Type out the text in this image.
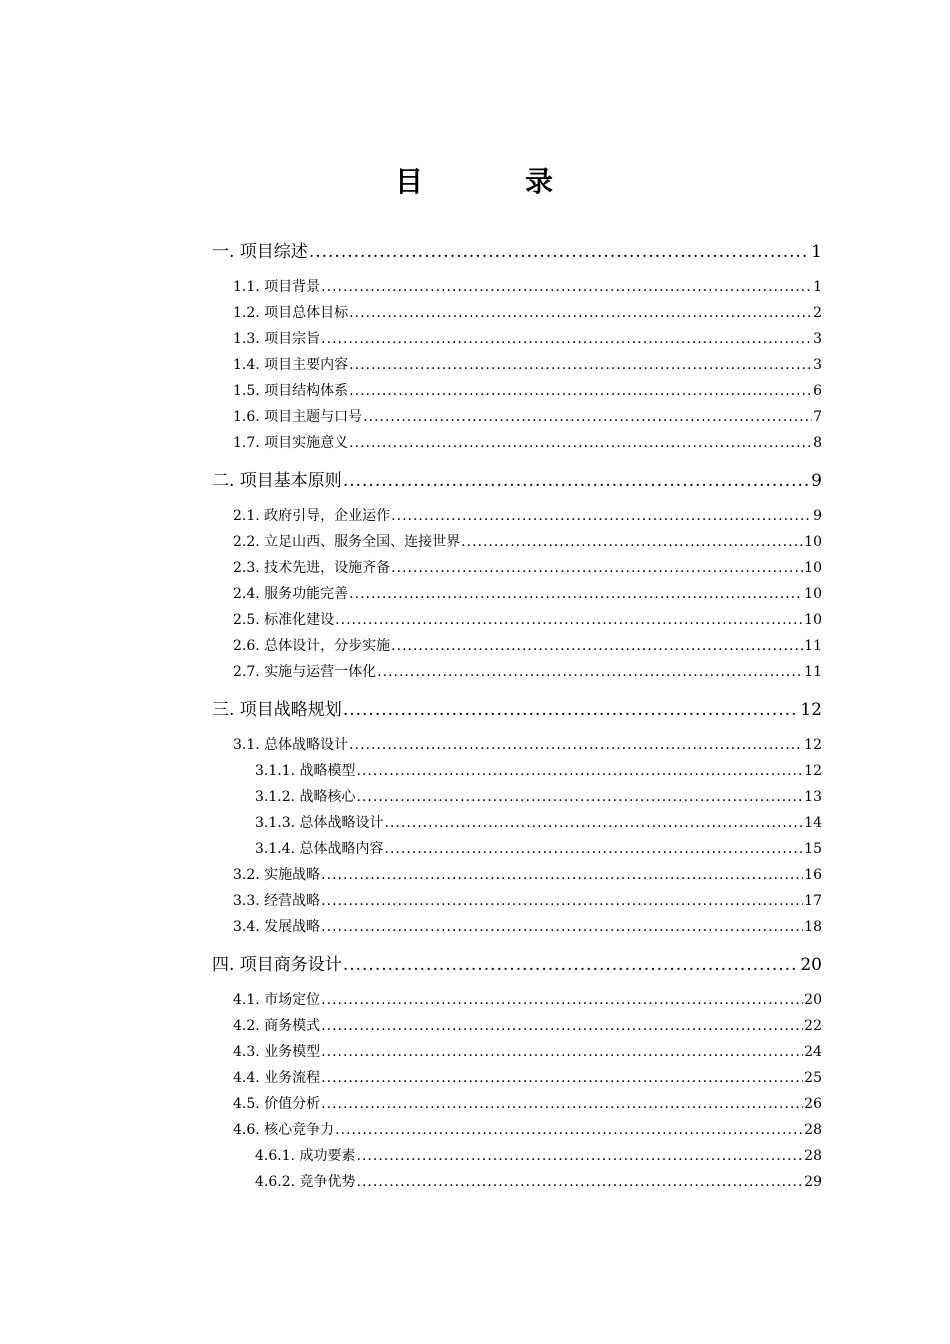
目	录
一. 项目综述 .....	1
1.1. 项目背景 .....	1
1.2. 项目总体目标 .....	2
1.3. 项目宗旨 .....	3
1.4. 项目主要内容 .....	3
1.5. 项目结构体系 .....	6
1.6. 项目主题与口号 .....	7
1.7. 项目实施意义 .....	8
二. 项目基本原则 .....	9
2.1. 政府引导，企业运作 .....	9
2.2. 立足山西、服务全国、连接世界 .....	10
2.3. 技术先进，设施齐备 .....	10
2.4. 服务功能完善 .....	10
2.5. 标准化建设 .....	10
2.6. 总体设计，分步实施 .....	11
2.7. 实施与运营一体化 .....	11
三. 项目战略规划 .....	12
3.1. 总体战略设计 .....	12
3.1.1. 战略模型 .....	12
3.1.2. 战略核心 .....	13
3.1.3. 总体战略设计 .....	14
3.1.4. 总体战略内容 .....	15
3.2. 实施战略 .....	16
3.3. 经营战略 .....	17
3.4. 发展战略 .....	18
四. 项目商务设计 .....	20
4.1. 市场定位 .....	20
4.2. 商务模式 .....	22
4.3. 业务模型 .....	24
4.4. 业务流程 .....	25
4.5. 价值分析 .....	26
4.6. 核心竞争力 .....	28
4.6.1. 成功要素 .....	28
4.6.2. 竞争优势 .....	29
